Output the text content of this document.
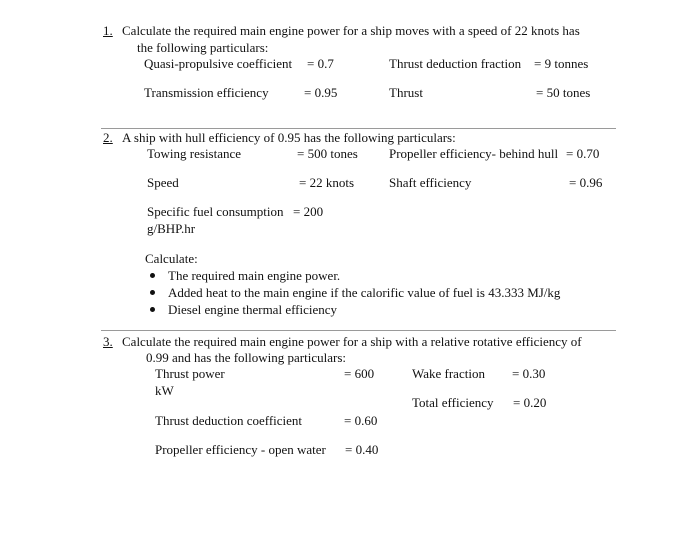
1. Calculate the required main engine power for a ship moves with a speed of 22 knots has
the following particulars:
Quasi-propulsive coefficient = 0.7	Thrust deduction fraction = 9 tonnes
Transmission efficiency	= 0.95	Thrust	= 50 tones
2. A ship with hull efficiency of 0.95 has the following particulars:
Towing resistance	= 500 tones Propeller efficiency- behind hull = 0.70
Speed	= 22 knots	Shaft efficiency	= 0.96
Specific fuel consumption = 200
g/BHP.hr
Calculate:
The required main engine power.
Added heat to the main engine if the calorific value of fuel is 43.333 MJ/kg
Diesel engine thermal efficiency
3. Calculate the required main engine power for a ship with a relative rotative efficiency of
0.99 and has the following particulars:
Thrust power	= 600	Wake fraction = 0.30
kW
Total efficiency = 0.20
Thrust deduction coefficient	= 0.60
Propeller efficiency - open water = 0.40
